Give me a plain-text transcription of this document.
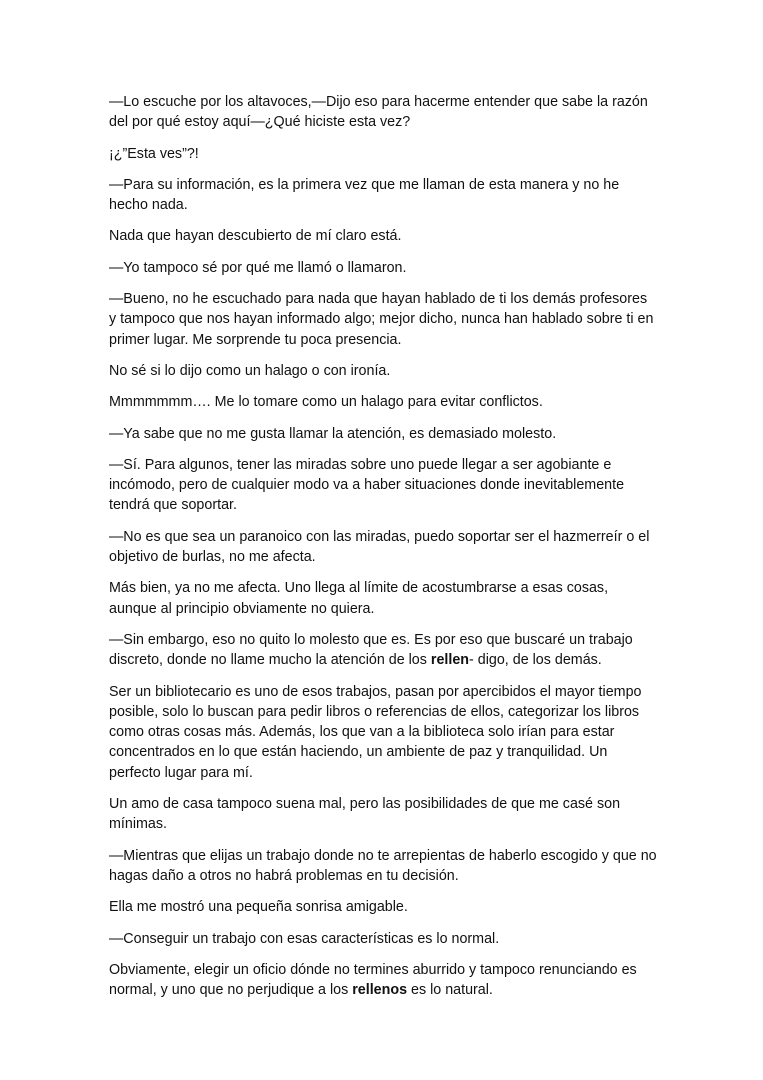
—Lo escuche por los altavoces,—Dijo eso para hacerme entender que sabe la razón del por qué estoy aquí—¿Qué hiciste esta vez?

¡¿”Esta ves”?!

—Para su información, es la primera vez que me llaman de esta manera y no he hecho nada.

Nada que hayan descubierto de mí claro está.

—Yo tampoco sé por qué me llamó o llamaron.

—Bueno, no he escuchado para nada que hayan hablado de ti los demás profesores y tampoco que nos hayan informado algo; mejor dicho, nunca han hablado sobre ti en primer lugar. Me sorprende tu poca presencia.

No sé si lo dijo como un halago o con ironía.

Mmmmmmm…. Me lo tomare como un halago para evitar conflictos.

—Ya sabe que no me gusta llamar la atención, es demasiado molesto.

—Sí. Para algunos, tener las miradas sobre uno puede llegar a ser agobiante e incómodo, pero de cualquier modo va a haber situaciones donde inevitablemente tendrá que soportar.

—No es que sea un paranoico con las miradas, puedo soportar ser el hazmerreír o el objetivo de burlas, no me afecta.

Más bien, ya no me afecta. Uno llega al límite de acostumbrarse a esas cosas, aunque al principio obviamente no quiera.

—Sin embargo, eso no quito lo molesto que es. Es por eso que buscaré un trabajo discreto, donde no llame mucho la atención de los rellen- digo, de los demás.

Ser un bibliotecario es uno de esos trabajos, pasan por apercibidos el mayor tiempo posible, solo lo buscan para pedir libros o referencias de ellos, categorizar los libros como otras cosas más. Además, los que van a la biblioteca solo irían para estar concentrados en lo que están haciendo, un ambiente de paz y tranquilidad. Un perfecto lugar para mí.

Un amo de casa tampoco suena mal, pero las posibilidades de que me casé son mínimas.

—Mientras que elijas un trabajo donde no te arrepientas de haberlo escogido y que no hagas daño a otros no habrá problemas en tu decisión.

Ella me mostró una pequeña sonrisa amigable.

—Conseguir un trabajo con esas características es lo normal.

Obviamente, elegir un oficio dónde no termines aburrido y tampoco renunciando es normal, y uno que no perjudique a los rellenos es lo natural.
